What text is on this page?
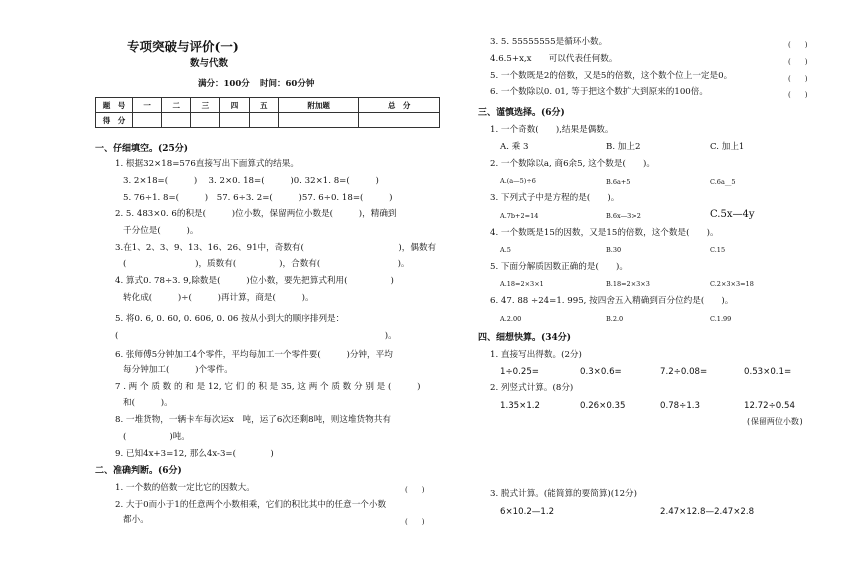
专项突破与评价(一)
数与代数
满分：100分 时间：60分钟
题　号	一	二	三	四	五	附加题	总　分
得　分							
一、仔细填空。(25分)
1. 根据32×18=576直接写出下面算式的结果。
3. 2×18=(　　　)　 3. 2×0. 18=(　　　)0. 32×1. 8=(　　　)
5. 76÷1. 8=(　　　)　57. 6÷3. 2=(　　　)57. 6÷0. 18=(　　　)
2. 5. 483×0. 6的积是(　　　)位小数，保留两位小数是(　　　)，精确到
千分位是(　　　)。
3.在1、2、3、9、13、16、26、91中，奇数有(　　　　　　　　　　　)，偶数有
(　　　　　　　　)，质数有(　　　　　)，合数有(　　　　　　　　　)。
4. 算式0. 78÷3. 9,除数是(　　　)位小数，要先把算式利用(　　　　　)
转化成(　　　)÷(　　　)再计算，商是(　　　)。
5. 将0. 6, 0. 60, 0. 606, 0. 06 按从小到大的顺序排列是：
(　　　　　　　　　　　　　　　　　　　　　　　　　　　　　　　)。
6. 张师傅5分钟加工4个零件，平均每加工一个零件要(　　　)分钟，平均
每分钟加工(　　　)个零件。
7 . 两 个 质 数 的 和 是 12, 它 们 的 积 是 35, 这 两 个 质 数 分 别 是 (　　　)
和(　　　)。
8. 一堆货物，一辆卡车每次运x　吨，运了6次还剩8吨，则这堆货物共有
(　　　　　)吨。
9. 已知4x+3=12, 那么4x-3=(　　　　)
二、准确判断。(6分)
1. 一个数的倍数一定比它的因数大。	(　　)
2. 大于0而小于1的任意两个小数相乘，它们的积比其中的任意一个小数
都小。	(　　)
3. 5. 55555555是循环小数。	(　　)
4.6.5+x,x　　可以代表任何数。	(　　)
5. 一个数既是2的倍数，又是5的倍数，这个数个位上一定是0。	(　　)
6. 一个数除以0. 01, 等于把这个数扩大到原来的100倍。	(　　)
三、谨慎选择。(6分)
1. 一个奇数(　　),结果是偶数。
A. 乘 3	B. 加上2	C. 加上1
2. 一个数除以a, 商6余5, 这个数是(　　)。
A.(a—5)÷6	B.6a+5	C.6a__5
3. 下列式子中是方程的是(　　)。
A.7b+2=14	B.6x—3>2	C.5x—4y
4. 一个数既是15的因数，又是15的倍数，这个数是(　　)。
A.5	B.30	C.15
5. 下面分解质因数正确的是(　　)。
A.18=2×3×1	B.18=2×3×3	C.2×3×3=18
6. 47. 88 ÷24=1. 995, 按四舍五入精确到百分位约是(　　)。
A.2.00	B.2.0	C.1.99
四、细想快算。(34分)
1. 直接写出得数。(2分)
1÷0.25=	0.3×0.6=	7.2÷0.08=	0.53×0.1=
2. 列竖式计算。(8分)
1.35×1.2	0.26×0.35	0.78÷1.3	12.72÷0.54
(保留两位小数)
3. 脱式计算。(能简算的要简算)(12分)
6×10.2—1.2	2.47×12.8—2.47×2.8
